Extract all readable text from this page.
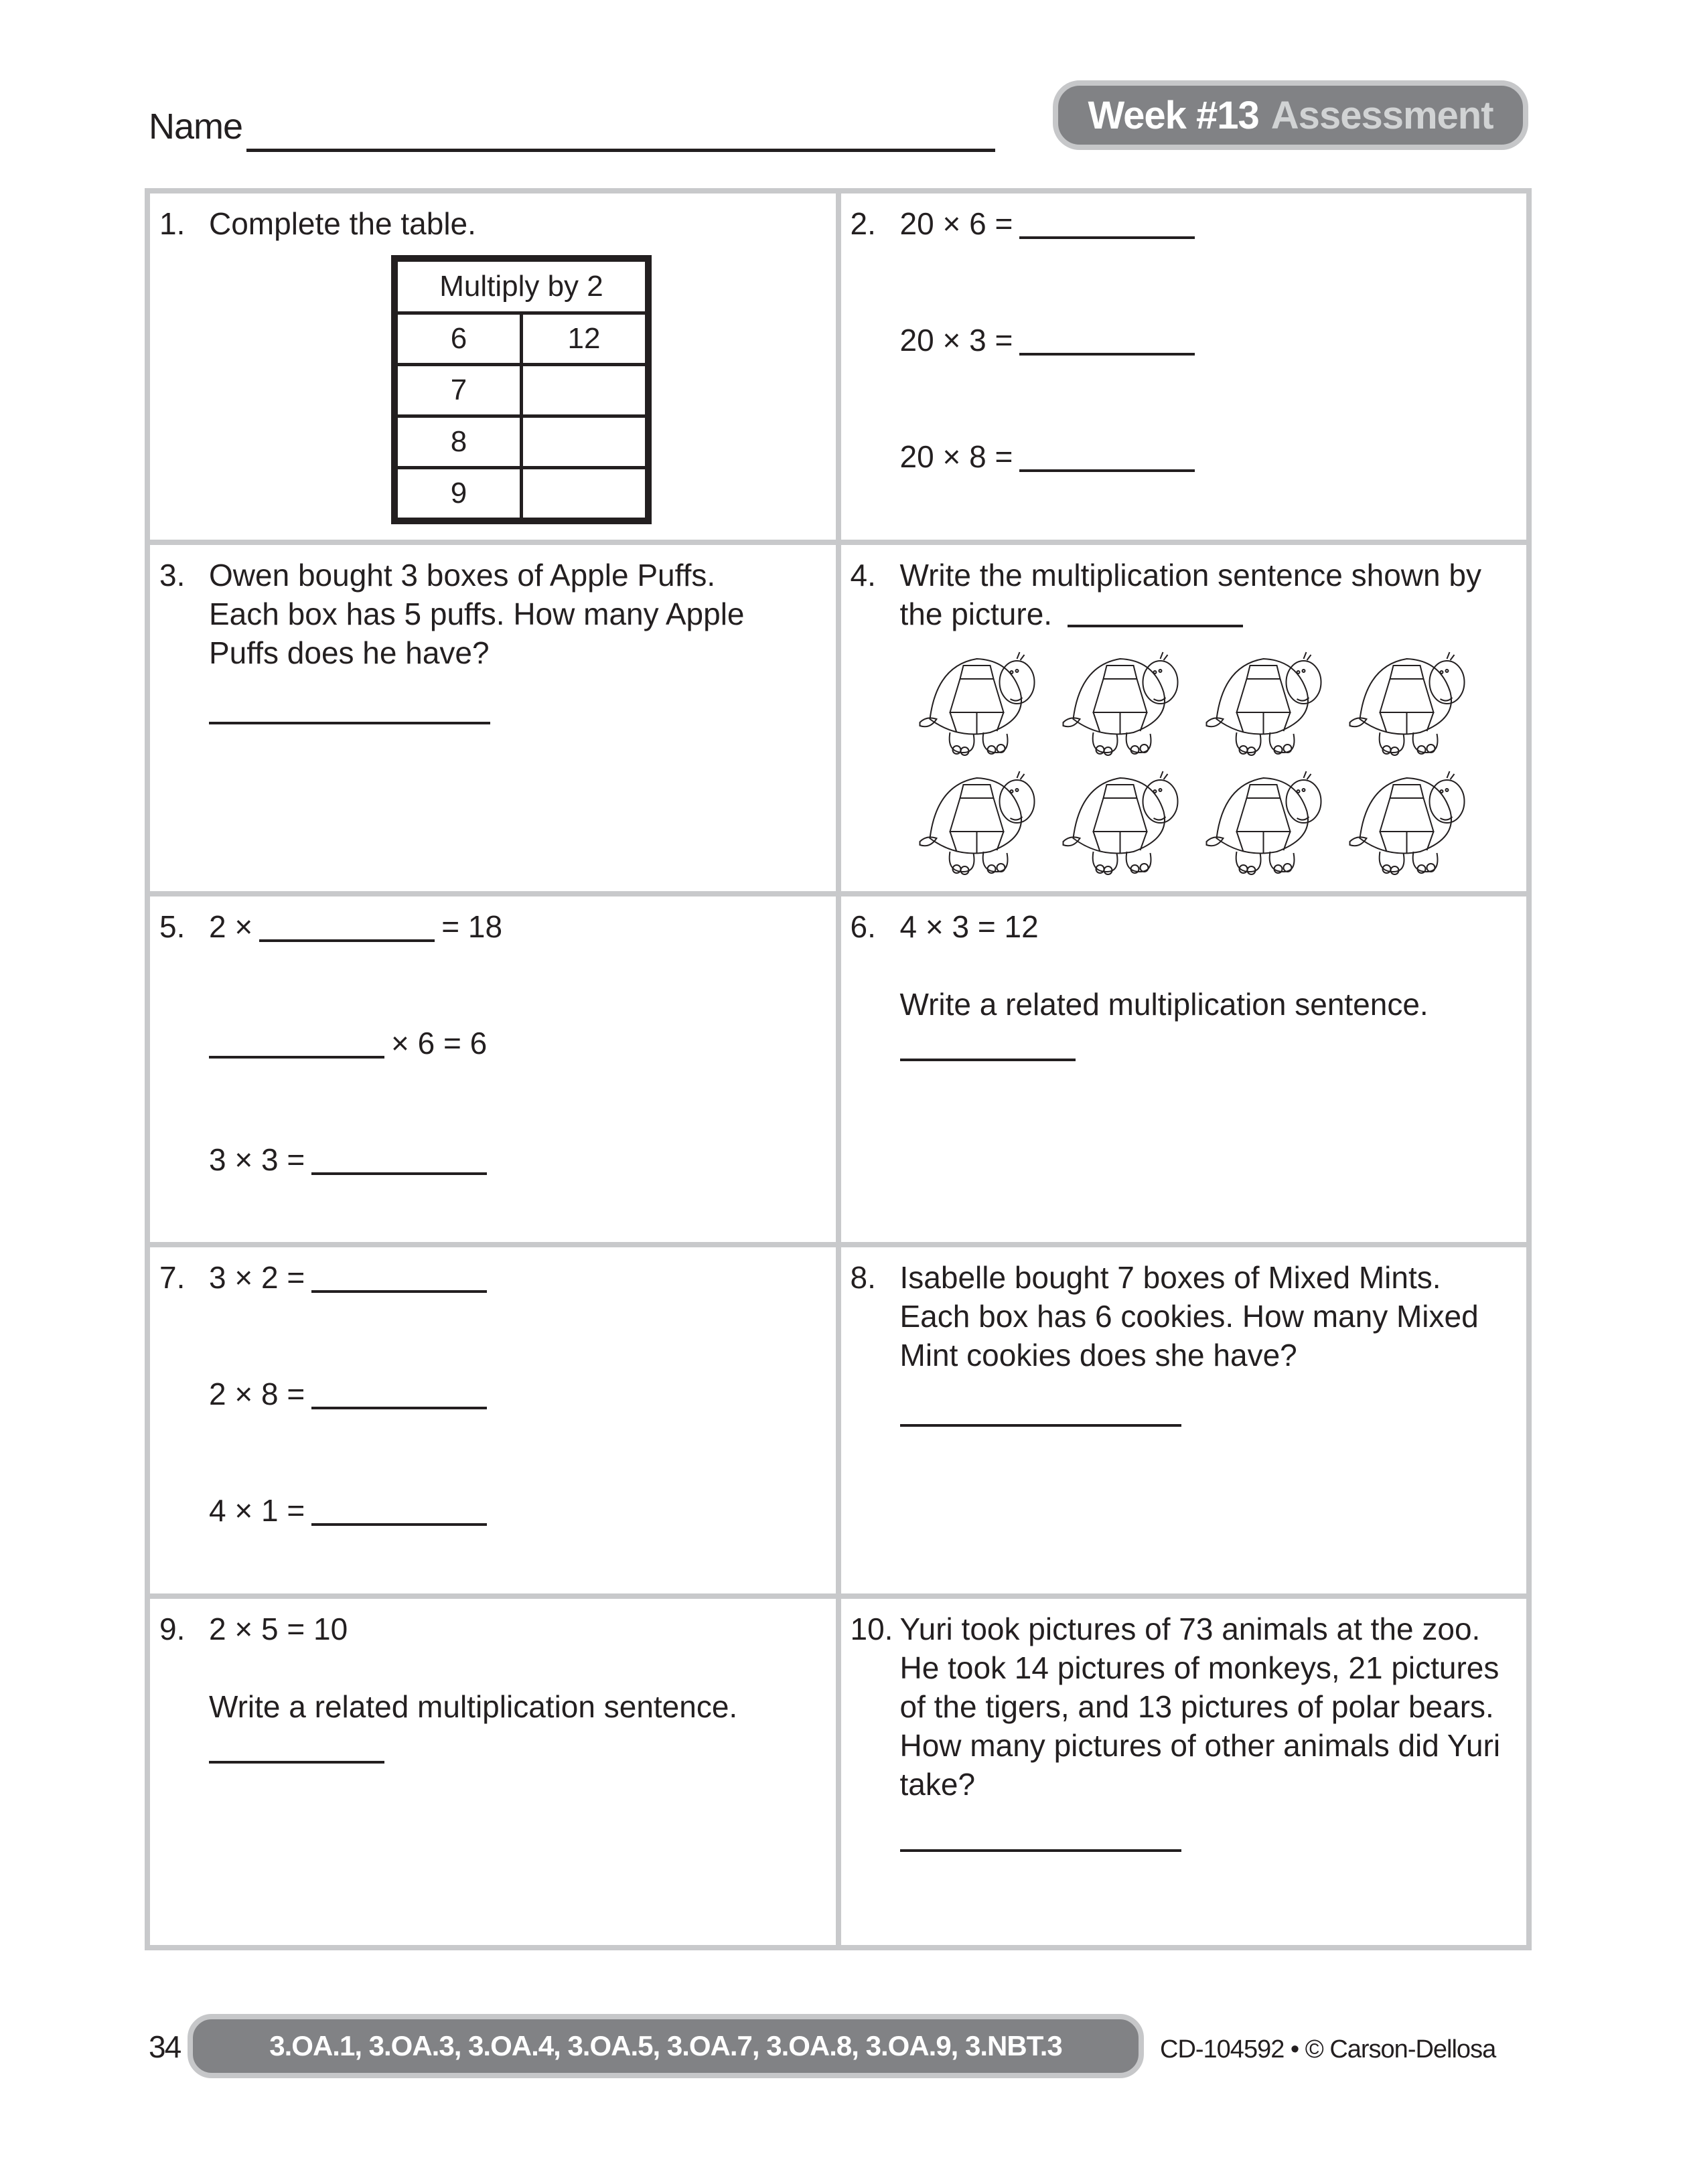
Name	Week #13 Assessment
1. Complete the table.
Multiply by 2	
6	12
7	
8	
9	
2. 20 × 6 =
20 × 3 =
20 × 8 =
3. Owen bought 3 boxes of Apple Puffs. Each box has 5 puffs. How many Apple Puffs does he have?
4. Write the multiplication sentence shown by the picture.
5. 2 ×	= 18
× 6 = 6
3 × 3 =
6. 4 × 3 = 12
Write a related multiplication sentence.
7. 3 × 2 =
2 × 8 =
4 × 1 =
8. Isabelle bought 7 boxes of Mixed Mints. Each box has 6 cookies. How many Mixed Mint cookies does she have?
9. 2 × 5 = 10
Write a related multiplication sentence.
10. Yuri took pictures of 73 animals at the zoo. He took 14 pictures of monkeys, 21 pictures of the tigers, and 13 pictures of polar bears. How many pictures of other animals did Yuri take?
34	3.OA.1, 3.OA.3, 3.OA.4, 3.OA.5, 3.OA.7, 3.OA.8, 3.OA.9, 3.NBT.3	CD-104592 • © Carson-Dellosa
